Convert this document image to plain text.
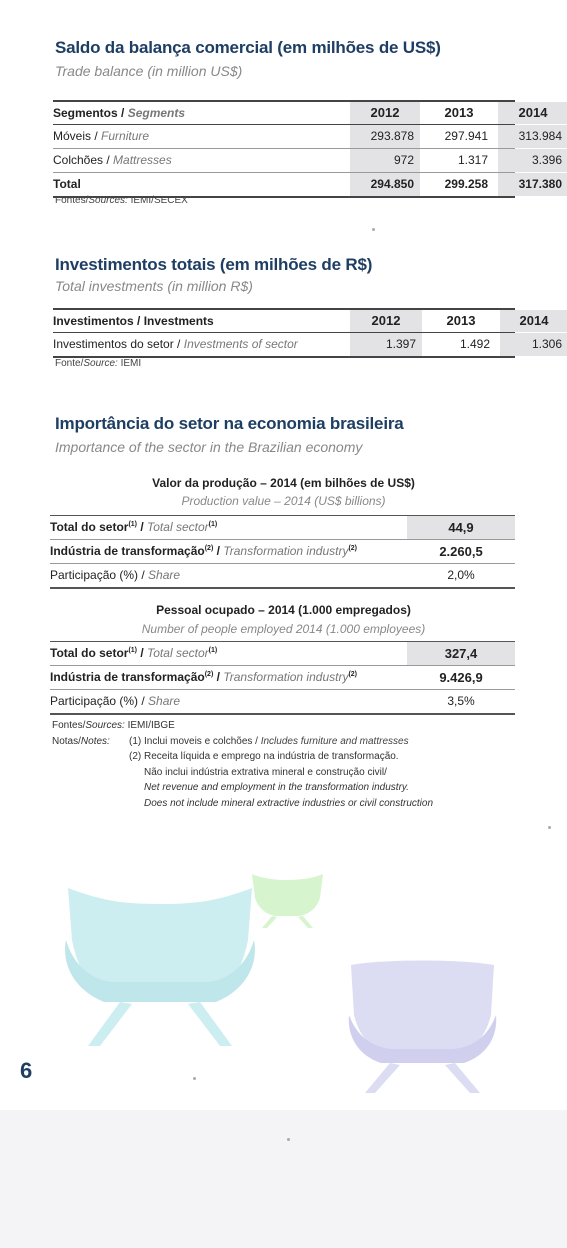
Saldo da balança comercial (em milhões de US$)
Trade balance (in million US$)
Segmentos / Segments	2012	2013	2014
Móveis / Furniture	293.878	297.941	313.984
Colchões / Mattresses	972	1.317	3.396
Total	294.850	299.258	317.380
Fontes/Sources: IEMI/SECEX
Investimentos totais (em milhões de R$)
Total investments (in million R$)
Investimentos / Investments	2012	2013	2014
Investimentos do setor / Investments of sector	1.397	1.492	1.306
Fonte/Source: IEMI
Importância do setor na economia brasileira
Importance of the sector in the Brazilian economy
Valor da produção – 2014 (em bilhões de US$)
Production value – 2014 (US$ billions)
Total do setor$^{(1)}$ / Total sector$^{(1)}$	44,9
Indústria de transformação$^{(2)}$ / Transformation industry$^{(2)}$	2.260,5
Participação (%) / Share	2,0%
Pessoal ocupado – 2014 (1.000 empregados)
Number of people employed 2014 (1.000 employees)
Total do setor$^{(1)}$ / Total sector$^{(1)}$	327,4
Indústria de transformação$^{(2)}$ / Transformation industry$^{(2)}$	9.426,9
Participação (%) / Share	3,5%
Fontes/Sources: IEMI/IBGE
Notas/Notes: (1) Inclui moveis e colchões / Includes furniture and mattresses
(2) Receita líquida e emprego na indústria de transformação.
Não inclui indústria extrativa mineral e construção civil/
Net revenue and employment in the transformation industry.
Does not include mineral extractive industries or civil construction
6
